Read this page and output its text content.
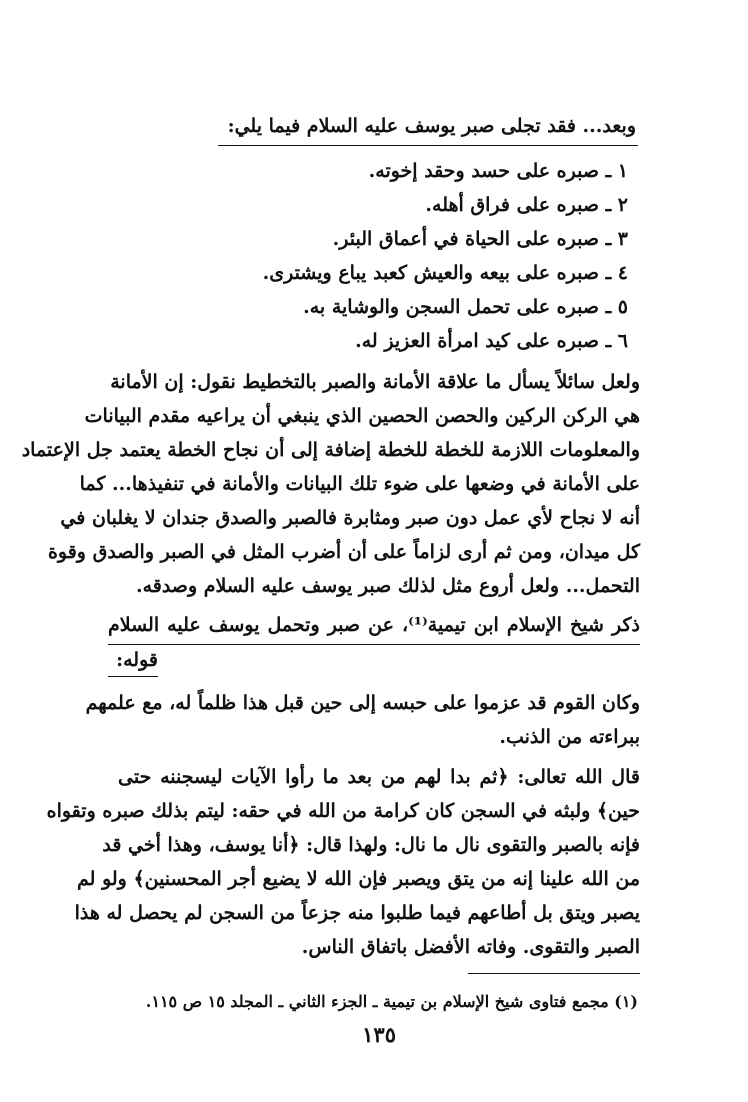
وبعد... فقد تجلى صبر يوسف عليه السلام فيما يلي:
١ ـ صبره على حسد وحقد إخوته.
٢ ـ صبره على فراق أهله.
٣ ـ صبره على الحياة في أعماق البئر.
٤ ـ صبره على بيعه والعيش كعبد يباع ويشترى.
٥ ـ صبره على تحمل السجن والوشاية به.
٦ ـ صبره على كيد امرأة العزيز له.
ولعل سائلاً يسأل ما علاقة الأمانة والصبر بالتخطيط نقول: إن الأمانة
هي الركن الركين والحصن الحصين الذي ينبغي أن يراعيه مقدم البيانات
والمعلومات اللازمة للخطة للخطة إضافة إلى أن نجاح الخطة يعتمد جل الإعتماد
على الأمانة في وضعها على ضوء تلك البيانات والأمانة في تنفيذها... كما
أنه لا نجاح لأي عمل دون صبر ومثابرة فالصبر والصدق جندان لا يغلبان في
كل ميدان، ومن ثم أرى لزاماً على أن أضرب المثل في الصبر والصدق وقوة
التحمل... ولعل أروع مثل لذلك صبر يوسف عليه السلام وصدقه.
ذكر شيخ الإسلام ابن تيمية⁽¹⁾، عن صبر وتحمل يوسف عليه السلام
قوله:
وكان القوم قد عزموا على حبسه إلى حين قبل هذا ظلماً له، مع علمهم
ببراءته من الذنب.
قال الله تعالى: ﴿ثم بدا لهم من بعد ما رأوا الآيات ليسجننه حتى
حين﴾ ولبثه في السجن كان كرامة من الله في حقه: ليتم بذلك صبره وتقواه
فإنه بالصبر والتقوى نال ما نال: ولهذا قال: ﴿أنا يوسف، وهذا أخي قد
من الله علينا إنه من يتق ويصبر فإن الله لا يضيع أجر المحسنين﴾ ولو لم
يصبر ويتق بل أطاعهم فيما طلبوا منه جزعاً من السجن لم يحصل له هذا
الصبر والتقوى. وفاته الأفضل باتفاق الناس.
(١) مجمع فتاوى شيخ الإسلام بن تيمية ـ الجزء الثاني ـ المجلد ١٥ ص ١١٥.
١٣٥
